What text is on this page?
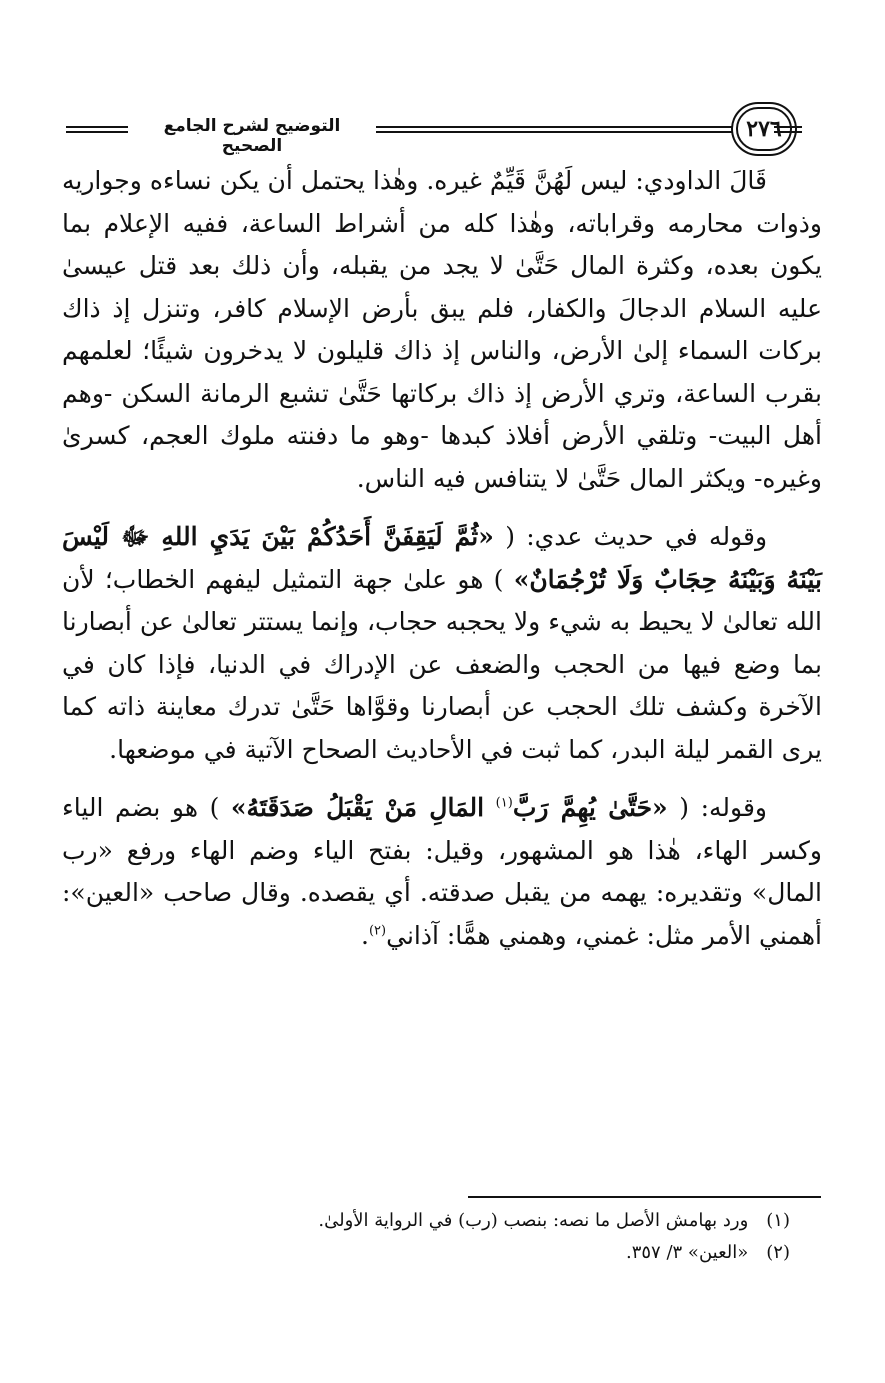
التوضيح لشرح الجامع الصحيح
٢٧٦

قَالَ الداودي: ليس لَهُنَّ قَيِّمٌ غيره. وهٰذا يحتمل أن يكن نساءه وجواريه وذوات محارمه وقراباته، وهٰذا كله من أشراط الساعة، ففيه الإعلام بما يكون بعده، وكثرة المال حَتَّىٰ لا يجد من يقبله، وأن ذلك بعد قتل عيسىٰ عليه السلام الدجالَ والكفار، فلم يبق بأرض الإسلام كافر، وتنزل إذ ذاك بركات السماء إلىٰ الأرض، والناس إذ ذاك قليلون لا يدخرون شيئًا؛ لعلمهم بقرب الساعة، وتري الأرض إذ ذاك بركاتها حَتَّىٰ تشبع الرمانة السكن -وهم أهل البيت- وتلقي الأرض أفلاذ كبدها -وهو ما دفنته ملوك العجم، كسرىٰ وغيره- ويكثر المال حَتَّىٰ لا يتنافس فيه الناس.

وقوله في حديث عدي: ( «ثُمَّ لَيَقِفَنَّ أَحَدُكُمْ بَيْنَ يَدَيِ اللهِ ﷻ لَيْسَ بَيْنَهُ وَبَيْنَهُ حِجَابٌ وَلَا تُرْجُمَانٌ» ) هو علىٰ جهة التمثيل ليفهم الخطاب؛ لأن الله تعالىٰ لا يحيط به شيء ولا يحجبه حجاب، وإنما يستتر تعالىٰ عن أبصارنا بما وضع فيها من الحجب والضعف عن الإدراك في الدنيا، فإذا كان في الآخرة وكشف تلك الحجب عن أبصارنا وقوَّاها حَتَّىٰ تدرك معاينة ذاته كما يرى القمر ليلة البدر، كما ثبت في الأحاديث الصحاح الآتية في موضعها.

وقوله: ( «حَتَّىٰ يُهِمَّ رَبَّ$^{(١)}$ المَالِ مَنْ يَقْبَلُ صَدَقَتَهُ» ) هو بضم الياء وكسر الهاء، هٰذا هو المشهور، وقيل: بفتح الياء وضم الهاء ورفع «رب المال» وتقديره: يهمه من يقبل صدقته. أي يقصده. وقال صاحب «العين»: أهمني الأمر مثل: غمني، وهمني همًّا: آذاني$^{(٢)}$.

(١) ورد بهامش الأصل ما نصه: بنصب (رب) في الرواية الأولىٰ.
(٢) «العين» ٣/ ٣٥٧.
